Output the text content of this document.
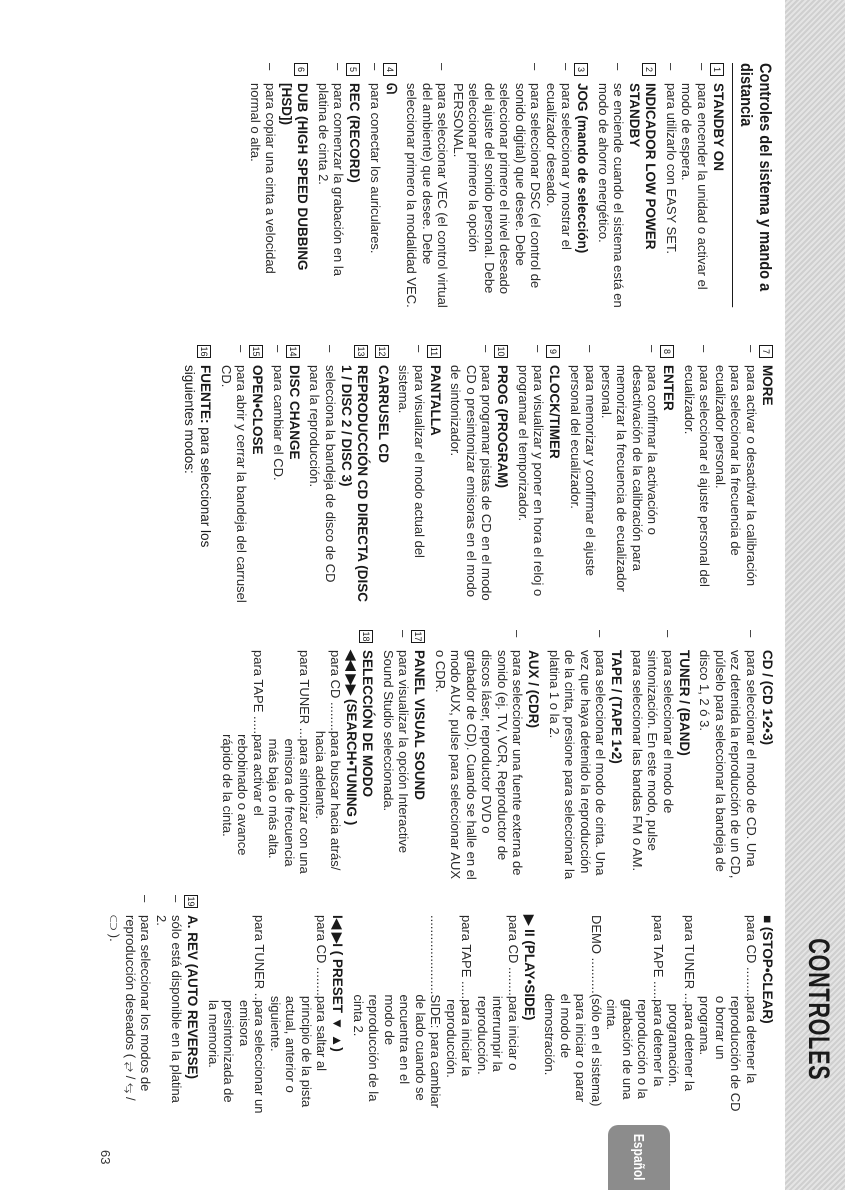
CONTROLES
Español
63
Controles del sistema y mando a distancia
1
STANDBY ON
–
para encender la unidad o activar el modo de espera.
–
para utilizarlo con EASY SET.
2
INDICADOR LOW POWER STANDBY
–
se enciende cuando el sistema está en modo de ahorro energético.
3
JOG (mando de selección)
–
para seleccionar y mostrar el ecualizador deseado.
–
para seleccionar DSC (el control de sonido digital) que desee. Debe seleccionar primero el nivel deseado del ajuste del sonido personal. Debe seleccionar primero la opción PERSONAL.
–
para seleccionar VEC (el control virtual del ambiente) que desee. Debe seleccionar primero la modalidad VEC.
4
ᘏ
–
para conectar los auriculares.
5
REC (RECORD)
–
para comenzar la grabación en la platina de cinta 2.
6
DUB (HIGH SPEED DUBBING [HSD])
–
para copiar una cinta a velocidad normal o alta.
7
MORE
–
para activar o desactivar la calibración para seleccionar la frecuencia de ecualizador personal.
–
para seleccionar el ajuste personal del ecualizador.
8
ENTER
–
para confirmar la activación o desactivación de la calibración para memorizar la frecuencia de ecualizador personal.
–
para memorizar y confirmar el ajuste personal del ecualizador.
9
CLOCK/TIMER
–
para visualizar y poner en hora el reloj o programar el temporizador.
10
PROG (PROGRAM)
–
para programar pistas de CD en el modo CD o presintonizar emisoras en el modo de sintonizador.
11
PANTALLA
–
para visualizar el modo actual del sistema.
12
CARRUSEL CD
13
REPRODUCCIÓN CD DIRECTA (DISC 1 / DISC 2 / DISC 3)
–
selecciona la bandeja de disco de CD para la reproducción.
14
DISC CHANGE
–
para cambiar el CD.
15
OPEN•CLOSE
–
para abrir y cerrar la bandeja del carrusel CD.
16
FUENTE: para seleccionar los siguientes modos:
CD / (CD 1•2•3)
–
para seleccionar el modo de CD. Una vez detenida la reproducción de un CD, púlselo para seleccionar la bandeja de disco 1, 2 ó 3.
TUNER / (BAND)
–
para seleccionar el modo de sintonización. En este modo, pulse para seleccionar las bandas FM o AM.
TAPE / (TAPE 1•2)
–
para seleccionar el modo de cinta. Una vez que haya detenido la reproducción de la cinta, presione para seleccionar la platina 1 o la 2.
AUX / (CDR)
–
para seleccionar una fuente externa de sonido (ej. TV, VCR, Reproductor de discos láser, reproductor DVD o grabador de CD). Cuando se halle en el modo AUX, pulse para seleccionar AUX o CDR.
17
PANEL VISUAL SOUND
–
para visualizar la opción Interactive Sound Studio seleccionada.
18
SELECCIÓN DE MODO
◀◀ ▶▶ (SEARCH•TUNING )
para CD ........
para buscar hacia atrás/ hacia adelante.
para TUNER ...
para sintonizar con una emisora de frecuencia más baja o más alta.
para TAPE .....
para activar el rebobinado o avance rápido de la cinta.
■ (STOP•CLEAR)
para CD ........
para detener la reproducción de CD o borrar un programa.
para TUNER ...
para detener la programación.
para TAPE .....
para detener la reproducción o la grabación de una cinta.
DEMO ..........
(sólo en el sistema) para iniciar o parar el modo de demostración.
▶ II (PLAY•SIDE)
para CD ........
para iniciar o interrumpir la reproducción.
para TAPE .....
para iniciar la reproducción.
......................
SIDE: para cambiar de lado cuando se encuentra en el modo de reproducción de la cinta 2.
I◀ ▶I ( PRESET ▼ ▲)
para CD ........
para saltar al principio de la pista actual, anterior o siguiente.
para TUNER ..
para seleccionar un emisora presintonizada de la memoria.
19
A. REV (AUTO REVERSE)
–
sólo está disponible en la platina 2.
–
para seleccionar los modos de reproducción deseados ( ⥂ / ⥃ / ⊂⊃ ).
